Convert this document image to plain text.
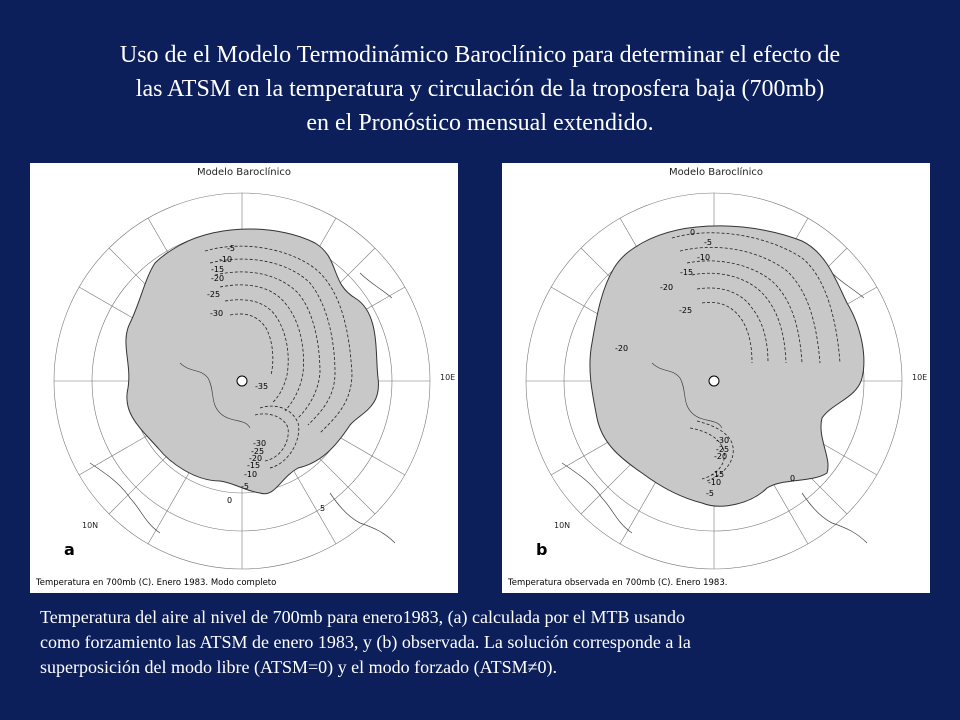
Uso de el Modelo Termodinámico Baroclínico para determinar el efecto de
las ATSM en la temperatura y circulación de la troposfera baja (700mb)
en el Pronóstico mensual extendido.
-5
-10
-15
-20
-25
-30
-35
-30
-25
-20
-15
-10
-5
0
5
Modelo Baroclínico
10E
10N
a
Temperatura en 700mb (C). Enero 1983. Modo completo
0
-5
-10
-15
-20
-25
-20
-30
-25
-20
-15
-10
-5
0
Modelo Baroclínico
10E
10N
b
Temperatura observada en 700mb (C). Enero 1983.
Temperatura del aire al nivel de 700mb para enero1983, (a) calculada por el MTB usando
como forzamiento las ATSM de enero 1983, y (b) observada. La solución corresponde a la
superposición del modo libre (ATSM=0) y el modo forzado (ATSM≠0).
